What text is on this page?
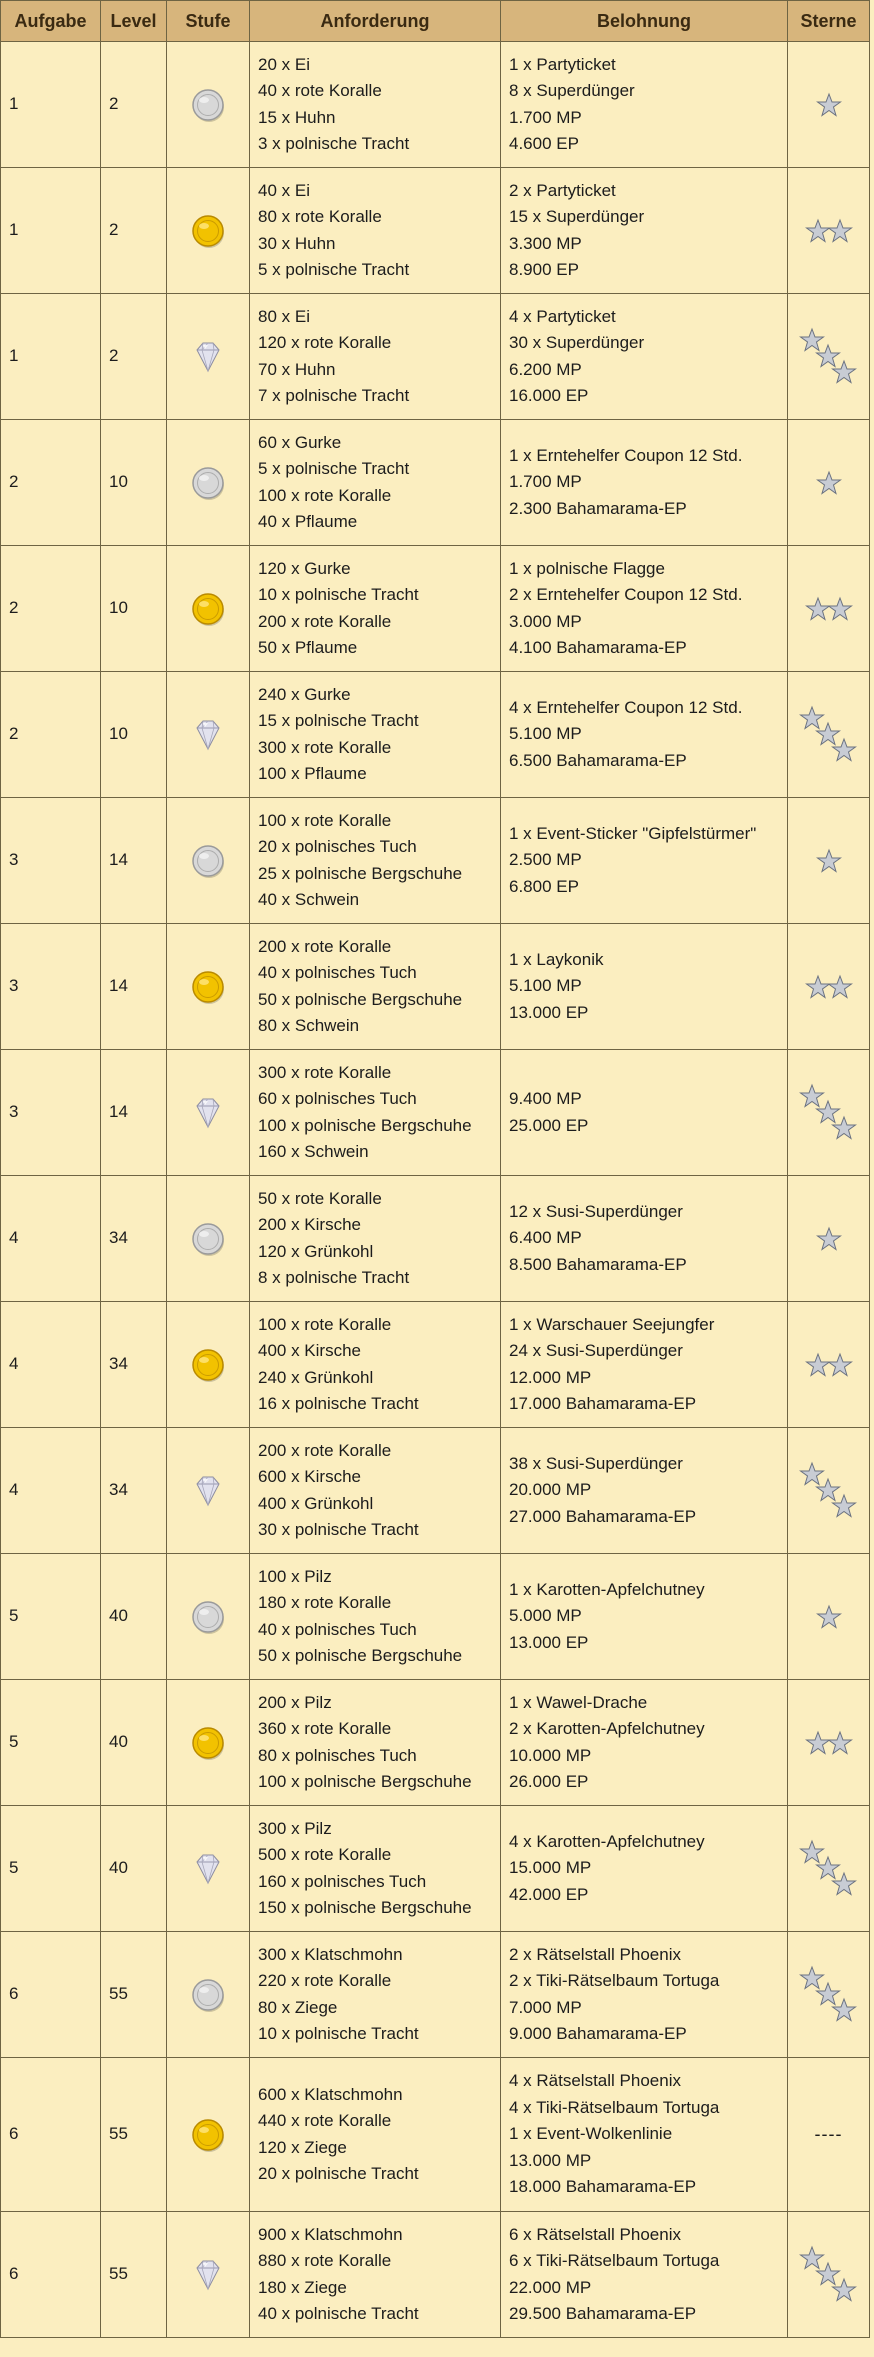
Aufgabe	Level	Stufe	Anforderung	Belohnung	Sterne
1	2		20 x Ei
40 x rote Koralle
15 x Huhn
3 x polnische Tracht	1 x Partyticket
8 x Superdünger
1.700 MP
4.600 EP

1	2		40 x Ei
80 x rote Koralle
30 x Huhn
5 x polnische Tracht	2 x Partyticket
15 x Superdünger
3.300 MP
8.900 EP

1	2		80 x Ei
120 x rote Koralle
70 x Huhn
7 x polnische Tracht	4 x Partyticket
30 x Superdünger
6.200 MP
16.000 EP

2	10		60 x Gurke
5 x polnische Tracht
100 x rote Koralle
40 x Pflaume	1 x Erntehelfer Coupon 12 Std.
1.700 MP
2.300 Bahamarama-EP

2	10		120 x Gurke
10 x polnische Tracht
200 x rote Koralle
50 x Pflaume	1 x polnische Flagge
2 x Erntehelfer Coupon 12 Std.
3.000 MP
4.100 Bahamarama-EP

2	10		240 x Gurke
15 x polnische Tracht
300 x rote Koralle
100 x Pflaume	4 x Erntehelfer Coupon 12 Std.
5.100 MP
6.500 Bahamarama-EP

3	14		100 x rote Koralle
20 x polnisches Tuch
25 x polnische Bergschuhe
40 x Schwein	1 x Event-Sticker "Gipfelstürmer"
2.500 MP
6.800 EP

3	14		200 x rote Koralle
40 x polnisches Tuch
50 x polnische Bergschuhe
80 x Schwein	1 x Laykonik
5.100 MP
13.000 EP

3	14		300 x rote Koralle
60 x polnisches Tuch
100 x polnische Bergschuhe
160 x Schwein	9.400 MP
25.000 EP

4	34		50 x rote Koralle
200 x Kirsche
120 x Grünkohl
8 x polnische Tracht	12 x Susi-Superdünger
6.400 MP
8.500 Bahamarama-EP

4	34		100 x rote Koralle
400 x Kirsche
240 x Grünkohl
16 x polnische Tracht	1 x Warschauer Seejungfer
24 x Susi-Superdünger
12.000 MP
17.000 Bahamarama-EP

4	34		200 x rote Koralle
600 x Kirsche
400 x Grünkohl
30 x polnische Tracht	38 x Susi-Superdünger
20.000 MP
27.000 Bahamarama-EP

5	40		100 x Pilz
180 x rote Koralle
40 x polnisches Tuch
50 x polnische Bergschuhe	1 x Karotten-Apfelchutney
5.000 MP
13.000 EP

5	40		200 x Pilz
360 x rote Koralle
80 x polnisches Tuch
100 x polnische Bergschuhe	1 x Wawel-Drache
2 x Karotten-Apfelchutney
10.000 MP
26.000 EP

5	40		300 x Pilz
500 x rote Koralle
160 x polnisches Tuch
150 x polnische Bergschuhe	4 x Karotten-Apfelchutney
15.000 MP
42.000 EP

6	55		300 x Klatschmohn
220 x rote Koralle
80 x Ziege
10 x polnische Tracht	2 x Rätselstall Phoenix
2 x Tiki-Rätselbaum Tortuga
7.000 MP
9.000 Bahamarama-EP

6	55		600 x Klatschmohn
440 x rote Koralle
120 x Ziege
20 x polnische Tracht	4 x Rätselstall Phoenix
4 x Tiki-Rätselbaum Tortuga
1 x Event-Wolkenlinie
13.000 MP
18.000 Bahamarama-EP	----
6	55		900 x Klatschmohn
880 x rote Koralle
180 x Ziege
40 x polnische Tracht	6 x Rätselstall Phoenix
6 x Tiki-Rätselbaum Tortuga
22.000 MP
29.500 Bahamarama-EP
